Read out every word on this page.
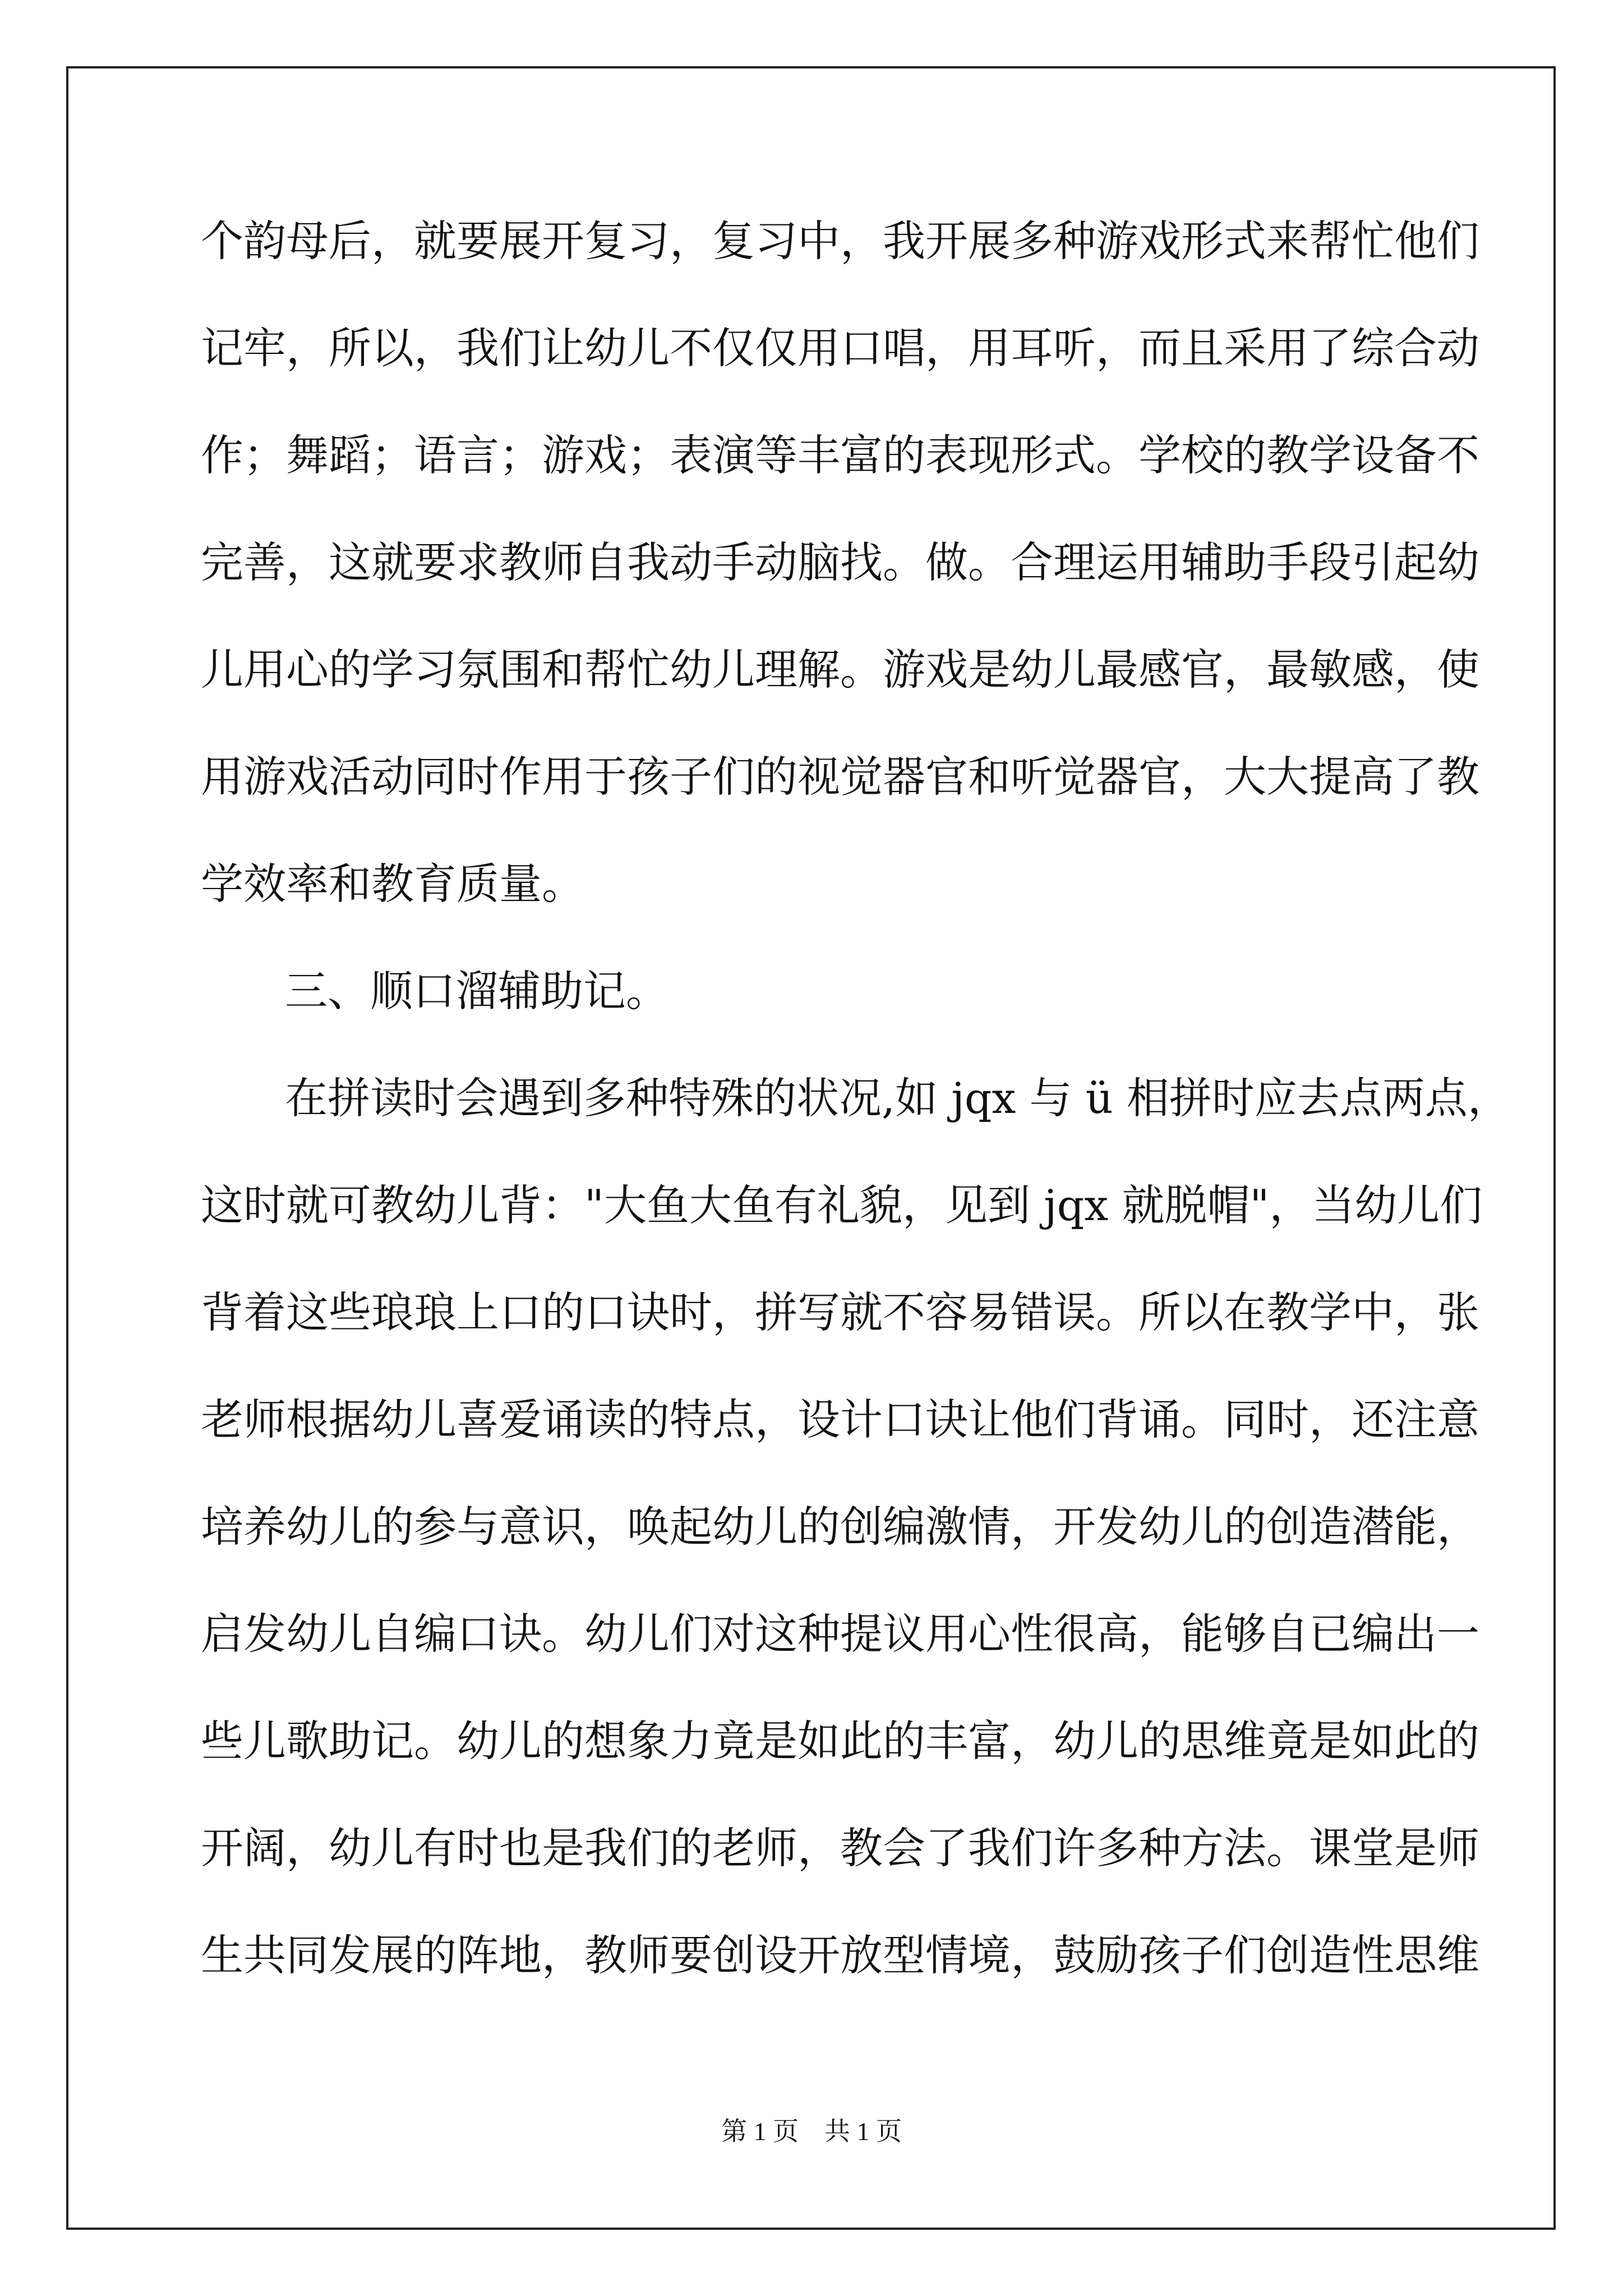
个韵母后，就要展开复习，复习中，我开展多种游戏形式来帮忙他们
记牢，所以，我们让幼儿不仅仅用口唱，用耳听，而且采用了综合动
作；舞蹈；语言；游戏；表演等丰富的表现形式。学校的教学设备不
完善，这就要求教师自我动手动脑找。做。合理运用辅助手段引起幼
儿用心的学习氛围和帮忙幼儿理解。游戏是幼儿最感官，最敏感，使
用游戏活动同时作用于孩子们的视觉器官和听觉器官，大大提高了教
学效率和教育质量。
三、顺口溜辅助记。
在拼读时会遇到多种特殊的状况,如 jqx 与 ü 相拼时应去点两点，
这时就可教幼儿背："大鱼大鱼有礼貌，见到 jqx 就脱帽"，当幼儿们
背着这些琅琅上口的口诀时，拼写就不容易错误。所以在教学中，张
老师根据幼儿喜爱诵读的特点，设计口诀让他们背诵。同时，还注意
培养幼儿的参与意识，唤起幼儿的创编激情，开发幼儿的创造潜能，
启发幼儿自编口诀。幼儿们对这种提议用心性很高，能够自已编出一
些儿歌助记。幼儿的想象力竟是如此的丰富，幼儿的思维竟是如此的
开阔，幼儿有时也是我们的老师，教会了我们许多种方法。课堂是师
生共同发展的阵地，教师要创设开放型情境，鼓励孩子们创造性思维
第 1 页　共 1 页
